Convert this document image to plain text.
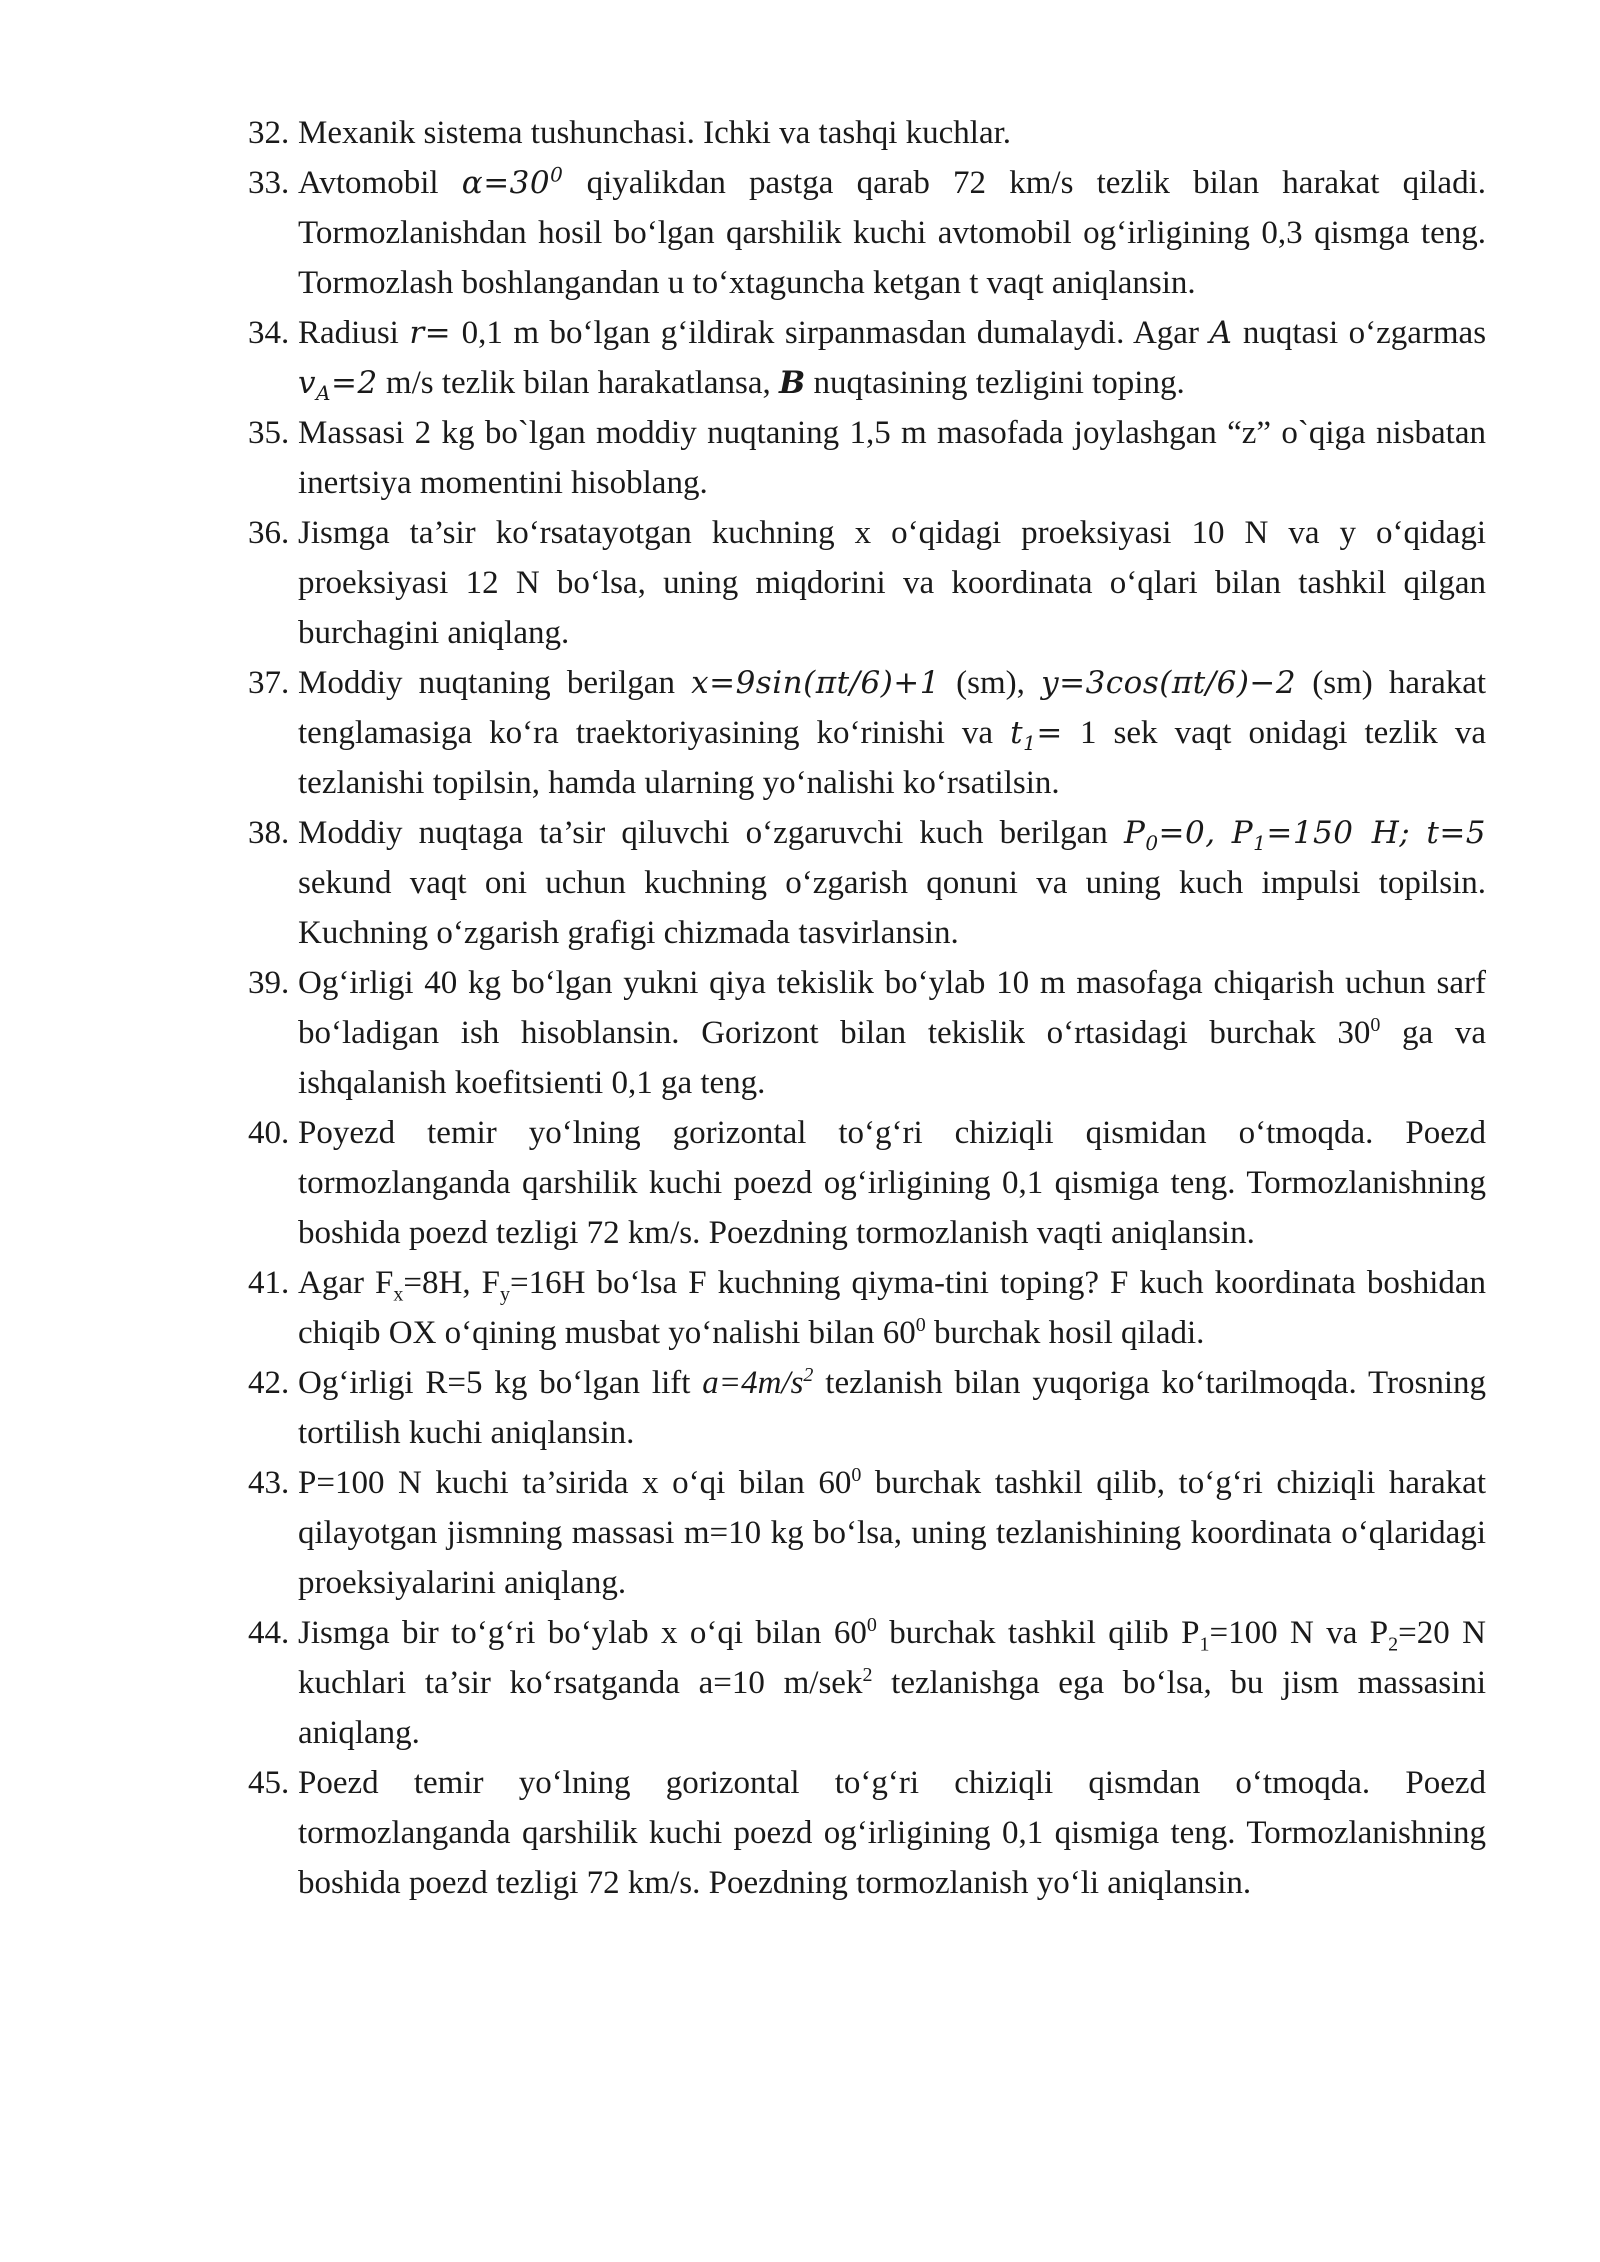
32. Mexanik sistema tushunchasi. Ichki va tashqi kuchlar.
33. Avtomobil $\alpha=30^0$ qiyalikdan pastga qarab 72 km/s tezlik bilan harakat qiladi. Tormozlanishdan hosil bo‘lgan qarshilik kuchi avtomobil og‘irligining 0,3 qismga teng. Tormozlash boshlangandan u to‘xtaguncha ketgan t vaqt aniqlansin.
34. Radiusi r= 0,1 m bo‘lgan g‘ildirak sirpanmasdan dumalaydi. Agar A nuqtasi o‘zgarmas $v_A=2$ m/s tezlik bilan harakatlansa, B nuqtasining tezligini toping.
35. Massasi 2 kg bo`lgan moddiy nuqtaning 1,5 m masofada joylashgan “z” o`qiga nisbatan inertsiya momentini hisoblang.
36. Jismga ta’sir ko‘rsatayotgan kuchning x o‘qidagi proeksiyasi 10 N va y o‘qidagi proeksiyasi 12 N bo‘lsa, uning miqdorini va koordinata o‘qlari bilan tashkil qilgan burchagini aniqlang.
37. Moddiy nuqtaning berilgan x=9sin(πt/6)+1 (sm), y=3cos(πt/6)−2 (sm) harakat tenglamasiga ko‘ra traektoriyasining ko‘rinishi va $t_1= 1$ sek vaqt onidagi tezlik va tezlanishi topilsin, hamda ularning yo‘nalishi ko‘rsatilsin.
38. Moddiy nuqtaga ta’sir qiluvchi o‘zgaruvchi kuch berilgan $P_0=0$, $P_1=150$ H; t=5 sekund vaqt oni uchun kuchning o‘zgarish qonuni va uning kuch impulsi topilsin. Kuchning o‘zgarish grafigi chizmada tasvirlansin.
39. Og‘irligi 40 kg bo‘lgan yukni qiya tekislik bo‘ylab 10 m masofaga chiqarish uchun sarf bo‘ladigan ish hisoblansin. Gorizont bilan tekislik o‘rtasidagi burchak $30^0$ ga va ishqalanish koefitsienti 0,1 ga teng.
40. Poyezd temir yo‘lning gorizontal to‘g‘ri chiziqli qismidan o‘tmoqda. Poezd tormozlanganda qarshilik kuchi poezd og‘irligining 0,1 qismiga teng. Tormozlanishning boshida poezd tezligi 72 km/s. Poezdning tormozlanish vaqti aniqlansin.
41. Agar $F_x=8H$, $F_y=16H$ bo‘lsa F kuchning qiyma-tini toping? F kuch koordinata boshidan chiqib OX o‘qining musbat yo‘nalishi bilan $60^0$ burchak hosil qiladi.
42. Og‘irligi R=5 kg bo‘lgan lift $a=4m/s^2$ tezlanish bilan yuqoriga ko‘tarilmoqda. Trosning tortilish kuchi aniqlansin.
43. P=100 N kuchi ta’sirida x o‘qi bilan $60^0$ burchak tashkil qilib, to‘g‘ri chiziqli harakat qilayotgan jismning massasi m=10 kg bo‘lsa, uning tezlanishining koordinata o‘qlaridagi proeksiyalarini aniqlang.
44. Jismga bir to‘g‘ri bo‘ylab x o‘qi bilan $60^0$ burchak tashkil qilib $P_1=100$ N va $P_2=20$ N kuchlari ta’sir ko‘rsatganda a=10 m/sek$^2$ tezlanishga ega bo‘lsa, bu jism massasini aniqlang.
45. Poezd temir yo‘lning gorizontal to‘g‘ri chiziqli qismdan o‘tmoqda. Poezd tormozlanganda qarshilik kuchi poezd og‘irligining 0,1 qismiga teng. Tormozlanishning boshida poezd tezligi 72 km/s. Poezdning tormozlanish yo‘li aniqlansin.
